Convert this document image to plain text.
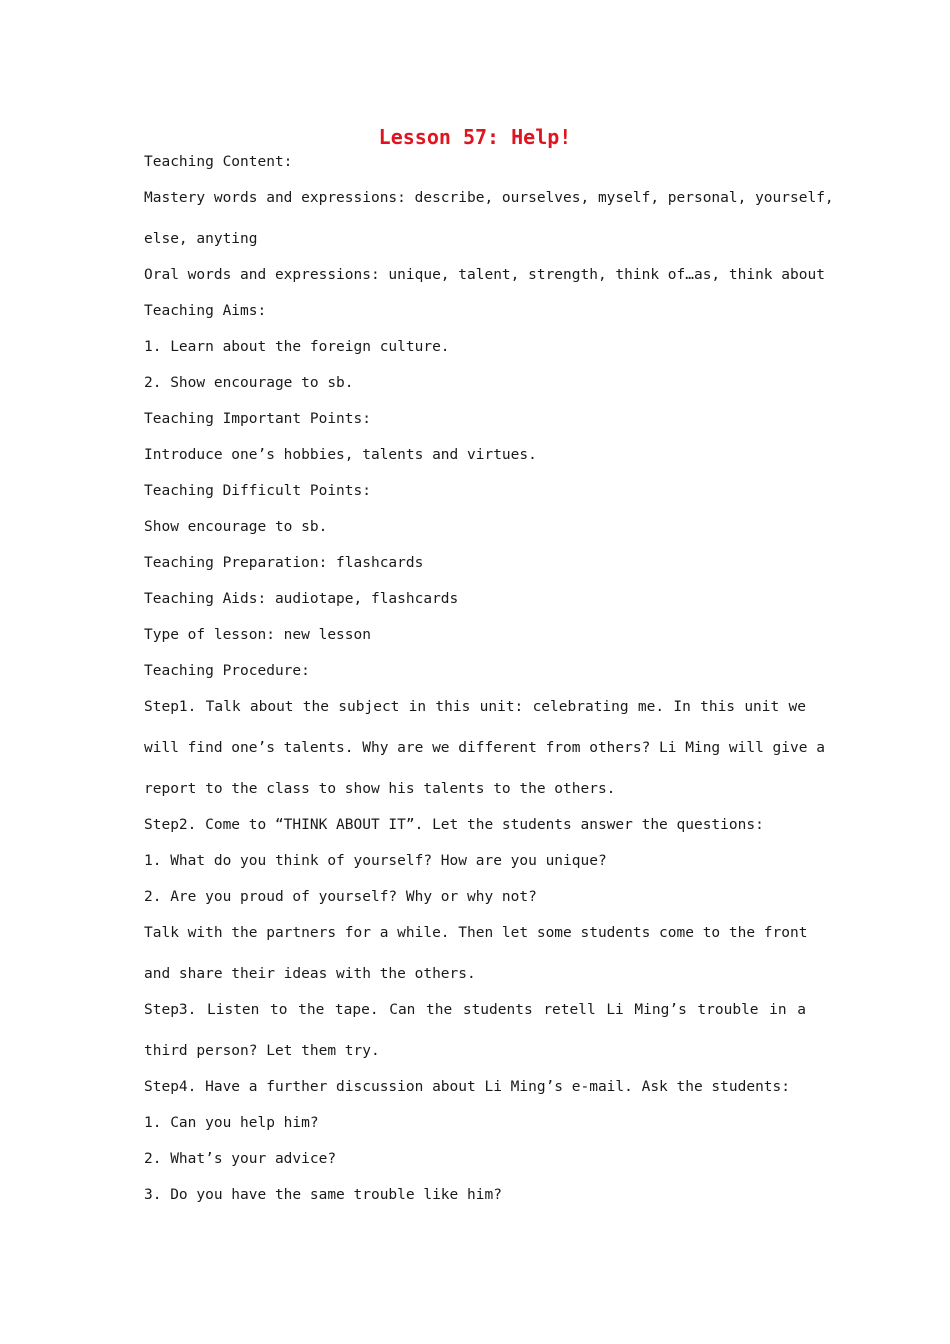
Lesson 57: Help!

Teaching Content:

Mastery words and expressions: describe, ourselves, myself, personal, yourself,

else, anyting

Oral words and expressions: unique, talent, strength, think of…as, think about

Teaching Aims:

1. Learn about the foreign culture.

2. Show encourage to sb.

Teaching Important Points:

Introduce one’s hobbies, talents and virtues.

Teaching Difficult Points:

Show encourage to sb.

Teaching Preparation: flashcards

Teaching Aids: audiotape, flashcards

Type of lesson: new lesson

Teaching Procedure:

Step1. Talk about the subject in this unit: celebrating me. In this unit we

will find one’s talents. Why are we different from others? Li Ming will give a

report to the class to show his talents to the others.

Step2. Come to “THINK ABOUT IT”. Let the students answer the questions:

1. What do you think of yourself? How are you unique?

2. Are you proud of yourself? Why or why not?

Talk with the partners for a while. Then let some students come to the front

and share their ideas with the others.

Step3. Listen to the tape. Can the students retell Li Ming’s trouble in a

third person? Let them try.

Step4. Have a further discussion about Li Ming’s e-mail. Ask the students:

1. Can you help him?

2. What’s your advice?

3. Do you have the same trouble like him?
